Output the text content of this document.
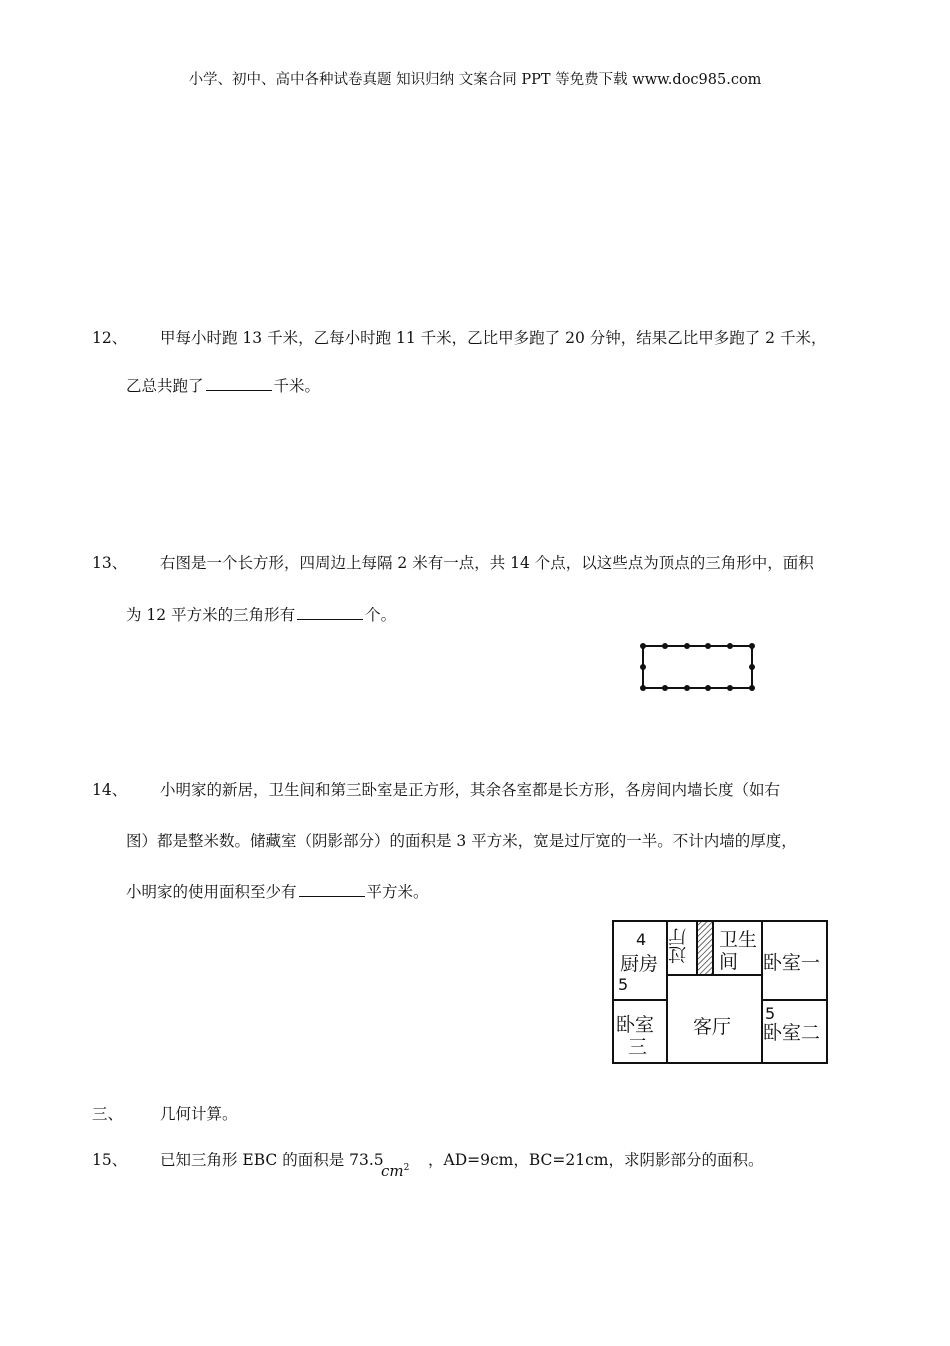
小学、初中、高中各种试卷真题 知识归纳 文案合同 PPT 等免费下载 www.doc985.com
12、 甲每小时跑 13 千米，乙每小时跑 11 千米，乙比甲多跑了 20 分钟，结果乙比甲多跑了 2 千米，
乙总共跑了	千米。
13、 右图是一个长方形，四周边上每隔 2 米有一点，共 14 个点，以这些点为顶点的三角形中，面积
为 12 平方米的三角形有	个。
14、 小明家的新居，卫生间和第三卧室是正方形，其余各室都是长方形，各房间内墙长度（如右
图）都是整米数。储藏室（阴影部分）的面积是 3 平方米，宽是过厅宽的一半。不计内墙的厚度，
小明家的使用面积至少有	平方米。
4
厨房
5
过厅 卫生
间 卧室一
卧室
三
客厅
5
卧室二
三、 几何计算。
15、 已知三角形 EBC 的面积是 73.5
$cm^2$ ，AD=9cm，BC=21cm，求阴影部分的面积。
